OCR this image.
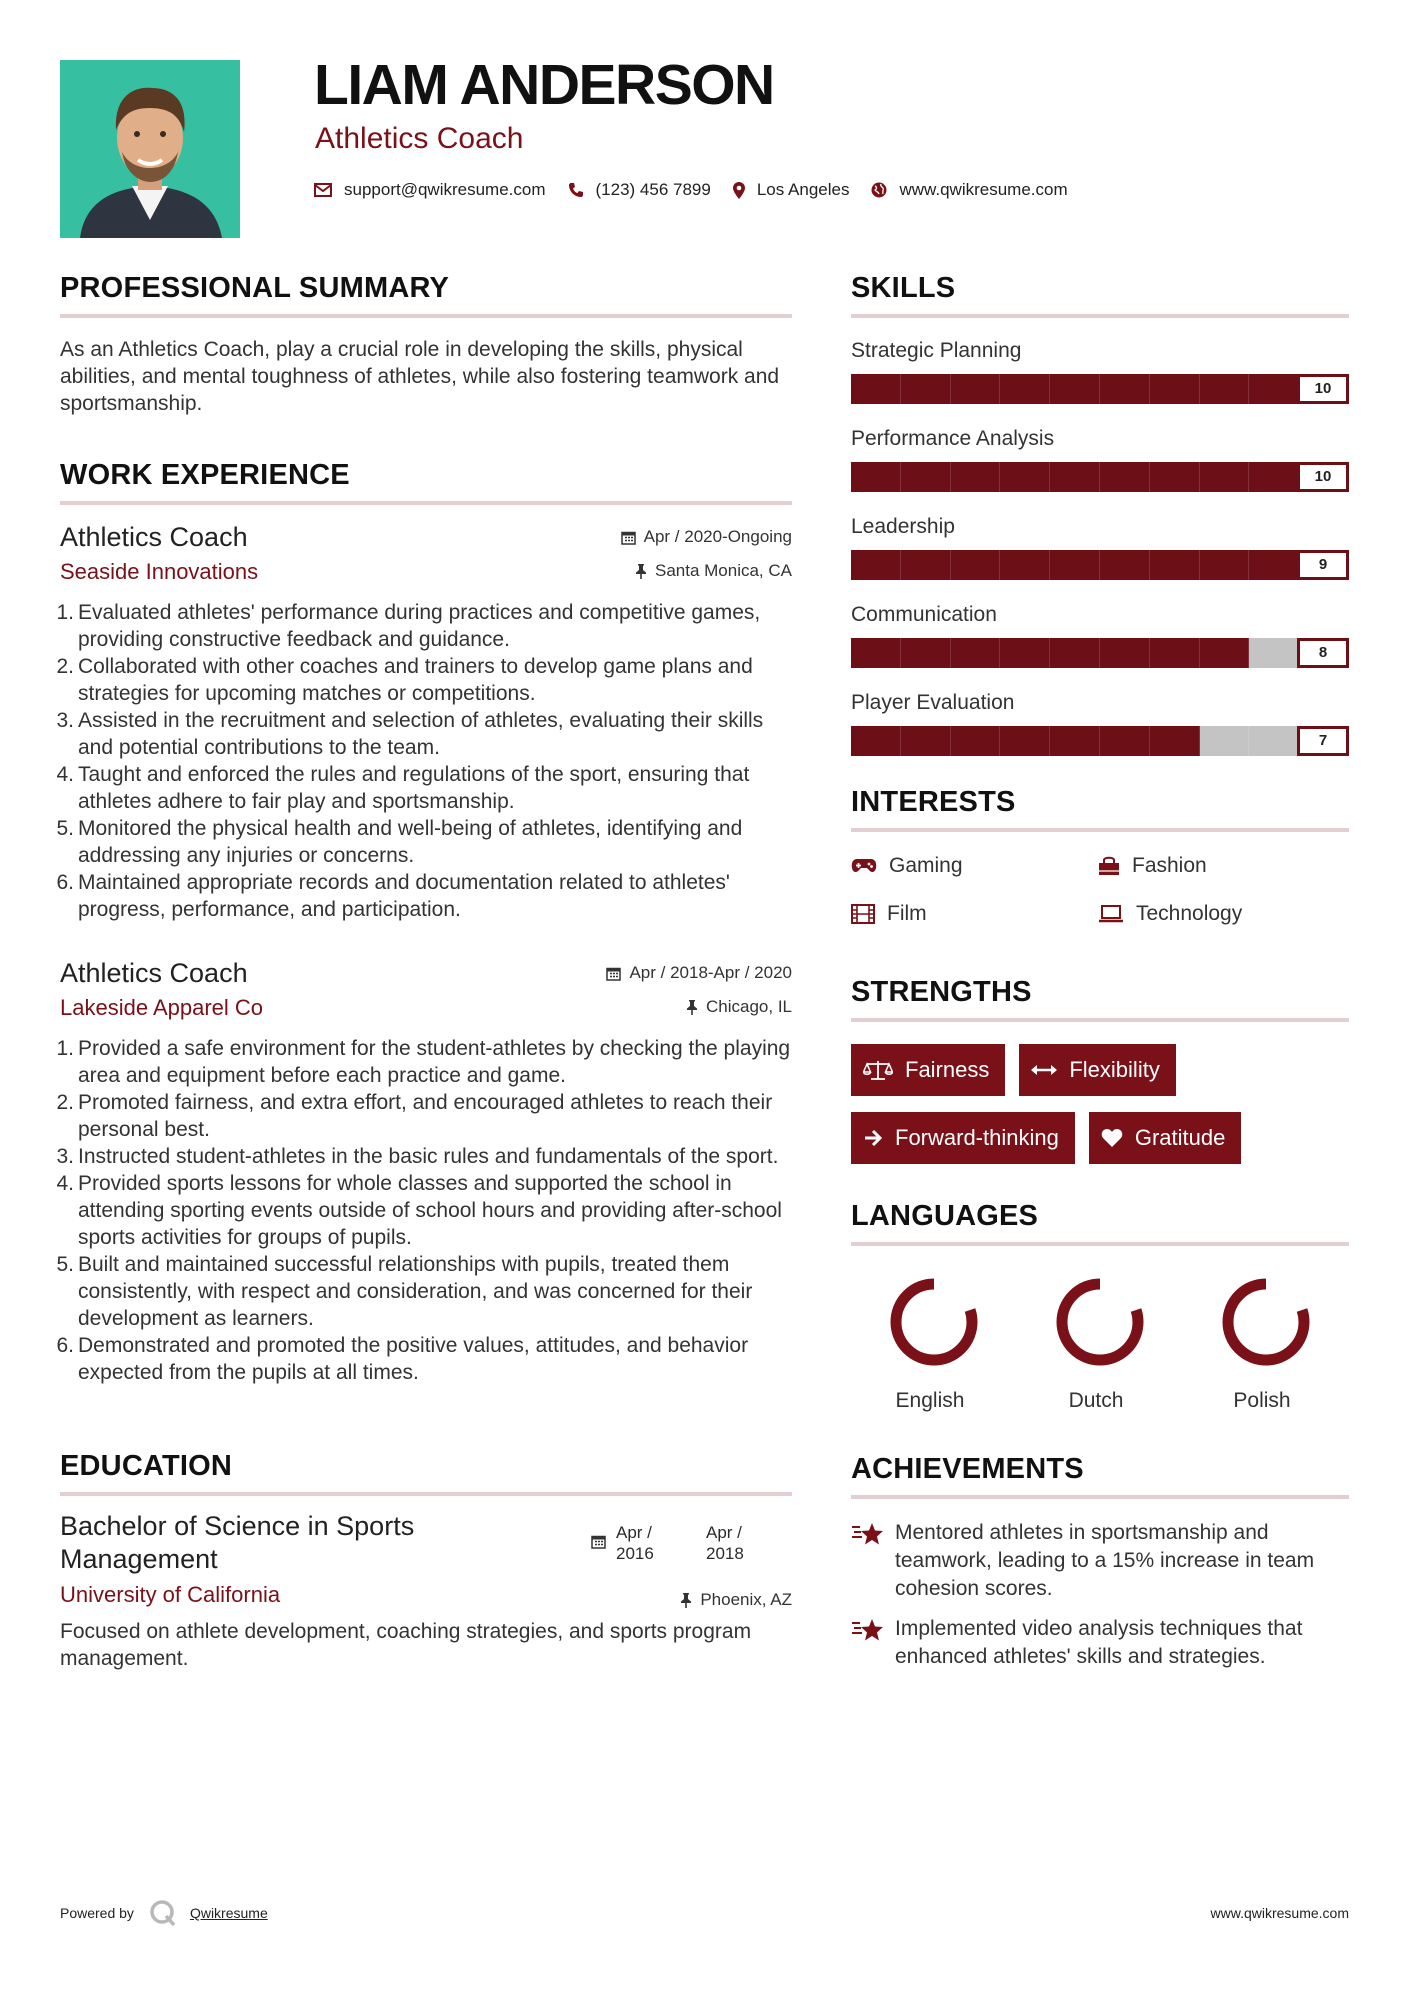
LIAM ANDERSON
Athletics Coach
support@qwikresume.com	(123) 456 7899	Los Angeles	www.qwikresume.com
PROFESSIONAL SUMMARY
As an Athletics Coach, play a crucial role in developing the skills, physical abilities, and mental toughness of athletes, while also fostering teamwork and sportsmanship.
WORK EXPERIENCE
Athletics Coach
Seaside Innovations
Apr / 2020-Ongoing
Santa Monica, CA
1. Evaluated athletes' performance during practices and competitive games, providing constructive feedback and guidance.
2. Collaborated with other coaches and trainers to develop game plans and strategies for upcoming matches or competitions.
3. Assisted in the recruitment and selection of athletes, evaluating their skills and potential contributions to the team.
4. Taught and enforced the rules and regulations of the sport, ensuring that athletes adhere to fair play and sportsmanship.
5. Monitored the physical health and well-being of athletes, identifying and addressing any injuries or concerns.
6. Maintained appropriate records and documentation related to athletes' progress, performance, and participation.
Athletics Coach
Lakeside Apparel Co
Apr / 2018-Apr / 2020
Chicago, IL
1. Provided a safe environment for the student-athletes by checking the playing area and equipment before each practice and game.
2. Promoted fairness, and extra effort, and encouraged athletes to reach their personal best.
3. Instructed student-athletes in the basic rules and fundamentals of the sport.
4. Provided sports lessons for whole classes and supported the school in attending sporting events outside of school hours and providing after-school sports activities for groups of pupils.
5. Built and maintained successful relationships with pupils, treated them consistently, with respect and consideration, and was concerned for their development as learners.
6. Demonstrated and promoted the positive values, attitudes, and behavior expected from the pupils at all times.
EDUCATION
Bachelor of Science in Sports Management
University of California
Apr / 2016
Apr / 2018
Phoenix, AZ
Focused on athlete development, coaching strategies, and sports program management.
SKILLS
Strategic Planning
10
Performance Analysis
10
Leadership
9
Communication
8
Player Evaluation
7
INTERESTS
Gaming	Fashion
Film	Technology
STRENGTHS
Fairness	Flexibility
Forward-thinking	Gratitude
LANGUAGES
English	Dutch	Polish
ACHIEVEMENTS
Mentored athletes in sportsmanship and teamwork, leading to a 15% increase in team cohesion scores.
Implemented video analysis techniques that enhanced athletes' skills and strategies.
Powered by	Qwikresume	www.qwikresume.com
